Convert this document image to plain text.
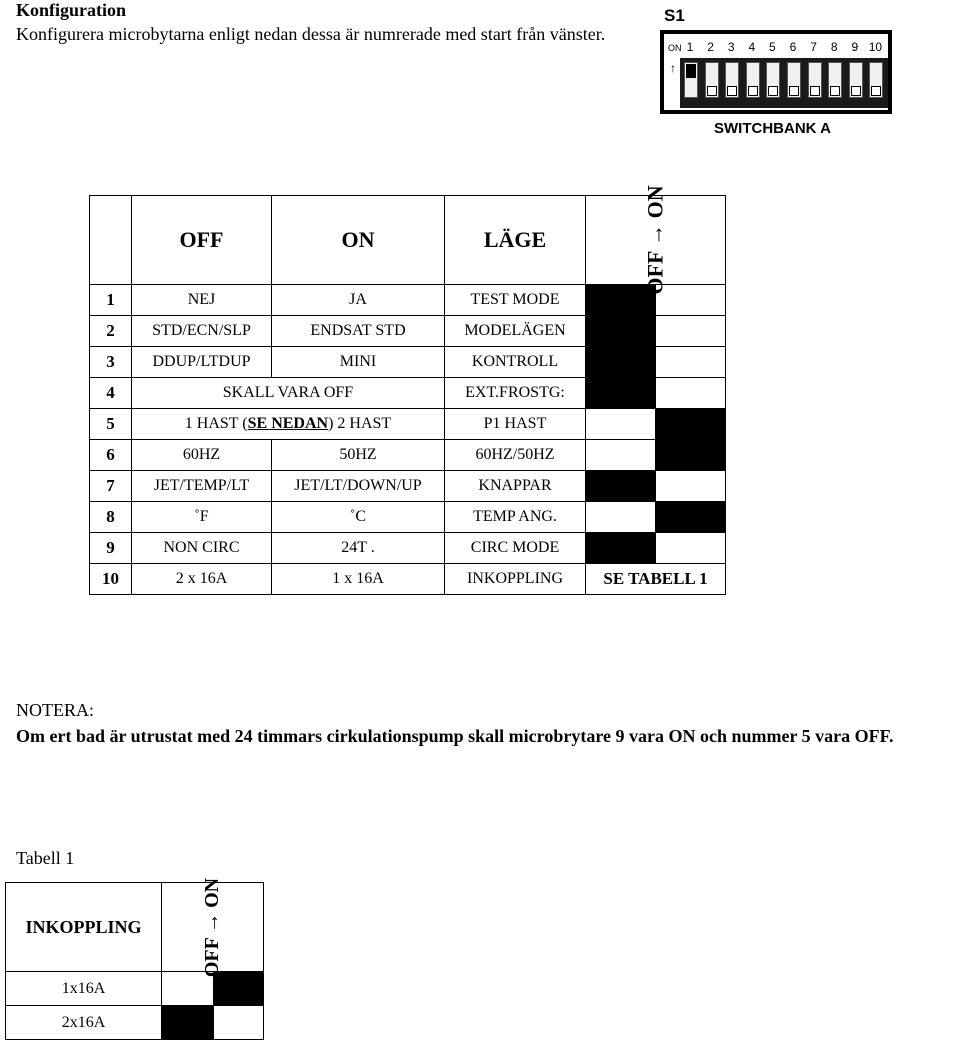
Konfiguration
Konfigurera microbytarna enligt nedan dessa är numrerade med start från vänster.
S1
ON
↑
1	2	3	4	5	6	7	8	9 10
SWITCHBANK A
	OFF	ON	LÄGE	OFF → ON	
1	NEJ	JA	TEST MODE		
2	STD/ECN/SLP	ENDSAT STD	MODELÄGEN		
3	DDUP/LTDUP	MINI	KONTROLL		
4	SKALL VARA OFF		EXT.FROSTG:		
5	1 HAST (SE NEDAN) 2 HAST		P1 HAST		
6	60HZ	50HZ	60HZ/50HZ		
7	JET/TEMP/LT	JET/LT/DOWN/UP	KNAPPAR		
8	˚F	˚C	TEMP ANG.		
9	NON CIRC	24T .	CIRC MODE		
10	2 x 16A	1 x 16A	INKOPPLING	SE TABELL 1	
NOTERA:
Om ert bad är utrustat med 24 timmars cirkulationspump skall microbrytare 9 vara ON och nummer 5 vara OFF.
Tabell 1
INKOPPLING	OFF → ON	
1x16A		
2x16A		
